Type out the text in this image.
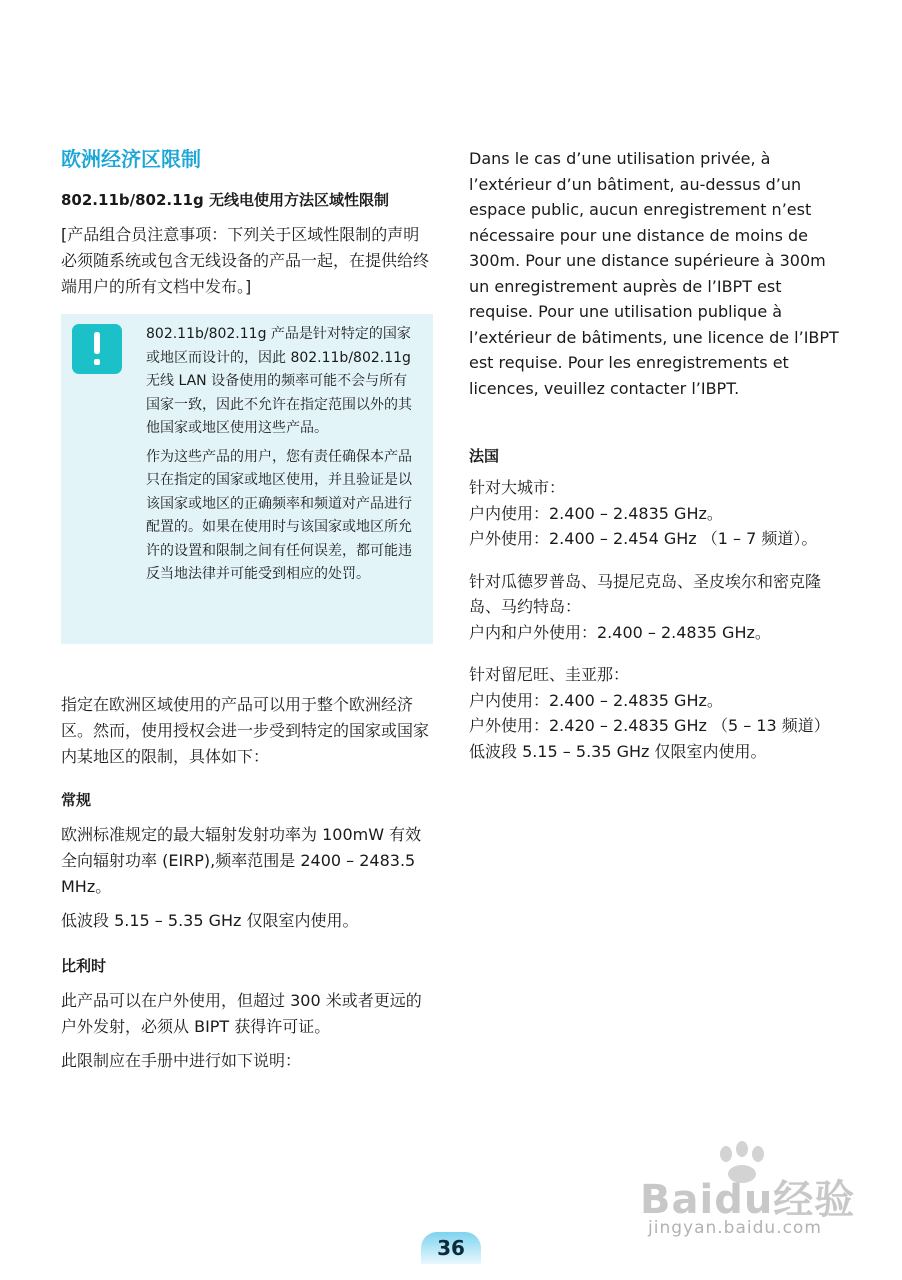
欧洲经济区限制
802.11b/802.11g 无线电使用方法区域性限制

[产品组合员注意事项：下列关于区域性限制的声明必须随系统或包含无线设备的产品一起，在提供给终端用户的所有文档中发布。]

802.11b/802.11g 产品是针对特定的国家或地区而设计的，因此 802.11b/802.11g 无线 LAN 设备使用的频率可能不会与所有国家一致，因此不允许在指定范围以外的其他国家或地区使用这些产品。

作为这些产品的用户，您有责任确保本产品只在指定的国家或地区使用，并且验证是以该国家或地区的正确频率和频道对产品进行配置的。如果在使用时与该国家或地区所允许的设置和限制之间有任何误差，都可能违反当地法律并可能受到相应的处罚。

指定在欧洲区域使用的产品可以用于整个欧洲经济区。然而，使用授权会进一步受到特定的国家或国家内某地区的限制，具体如下：

常规

欧洲标准规定的最大辐射发射功率为 100mW 有效全向辐射功率 (EIRP),频率范围是 2400 – 2483.5 MHz。

低波段 5.15 – 5.35 GHz 仅限室内使用。

比利时

此产品可以在户外使用，但超过 300 米或者更远的户外发射，必须从 BIPT 获得许可证。

此限制应在手册中进行如下说明：

Dans le cas d’une utilisation privée, à l’extérieur d’un bâtiment, au-dessus d’un espace public, aucun enregistrement n’est nécessaire pour une distance de moins de 300m. Pour une distance supérieure à 300m un enregistrement auprès de l’IBPT est requise. Pour une utilisation publique à l’extérieur de bâtiments, une licence de l’IBPT est requise. Pour les enregistrements et licences, veuillez contacter l’IBPT.

法国

针对大城市：

户内使用：2.400 – 2.4835 GHz。

户外使用：2.400 – 2.454 GHz （1 – 7 频道）。

针对瓜德罗普岛、马提尼克岛、圣皮埃尔和密克隆岛、马约特岛：

户内和户外使用：2.400 – 2.4835 GHz。

针对留尼旺、圭亚那：

户内使用：2.400 – 2.4835 GHz。

户外使用：2.420 – 2.4835 GHz （5 – 13 频道）

低波段 5.15 – 5.35 GHz 仅限室内使用。

Baidu经验
jingyan.baidu.com
36
